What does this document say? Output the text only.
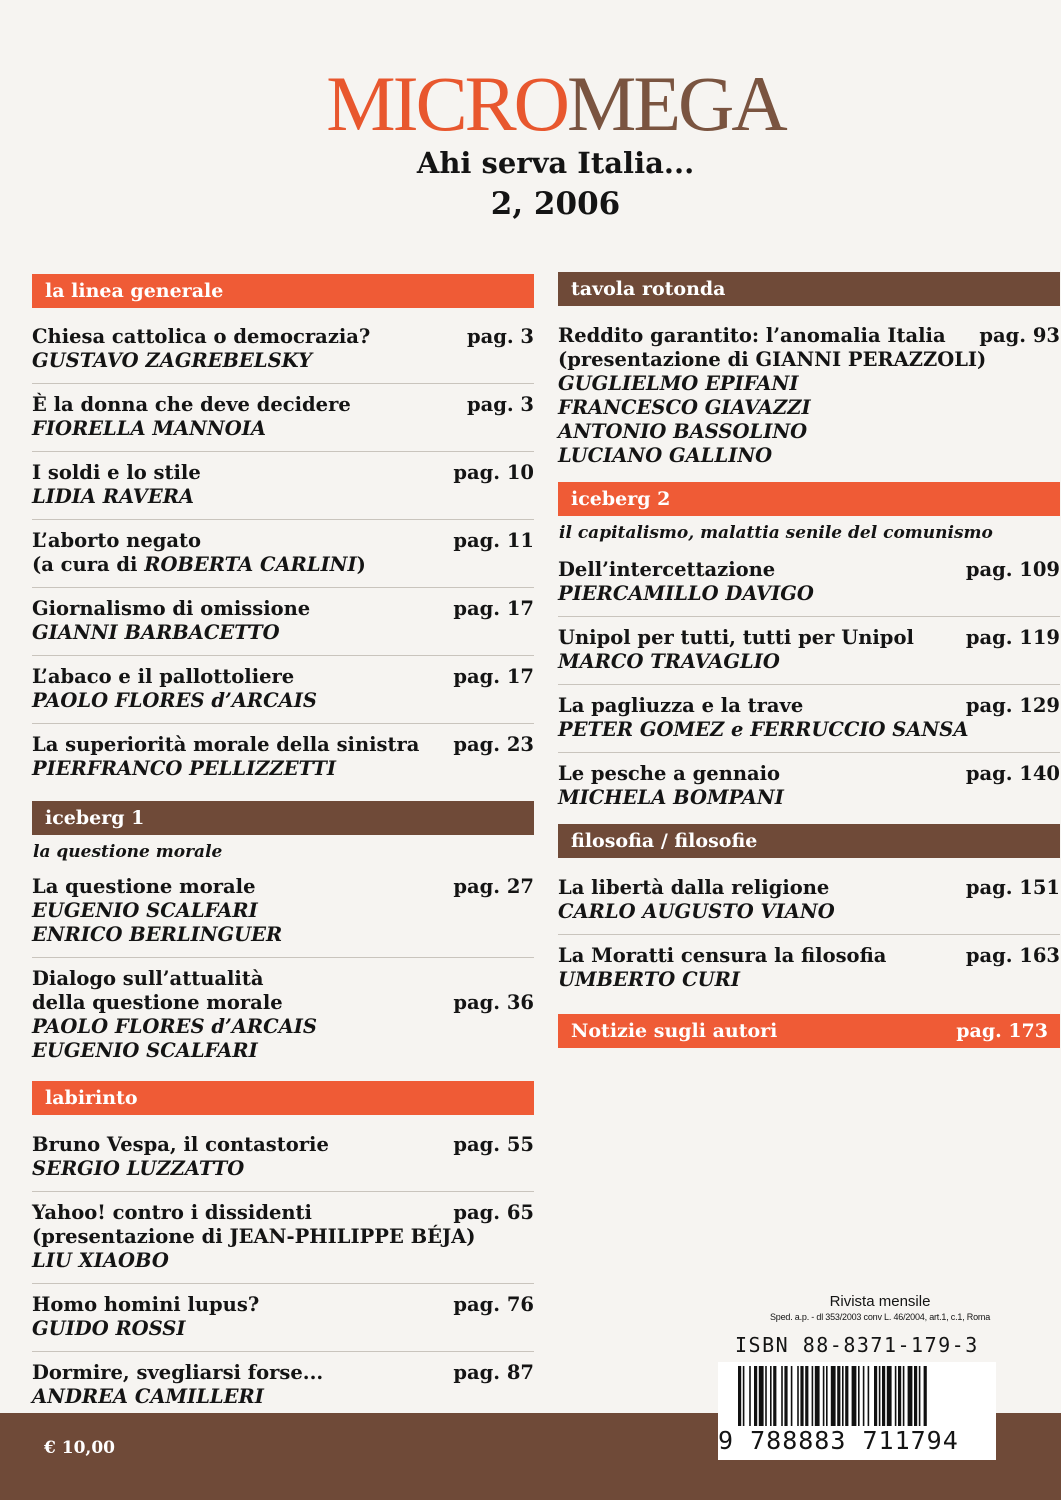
MICROMEGA
Ahi serva Italia...
2, 2006
la linea generale
Chiesa cattolica o democrazia?
GUSTAVO ZAGREBELSKY
pag. 3
È la donna che deve decidere
FIORELLA MANNOIA
pag. 3
I soldi e lo stile
LIDIA RAVERA
pag. 10
L’aborto negato
(a cura di ROBERTA CARLINI)
pag. 11
Giornalismo di omissione
GIANNI BARBACETTO
pag. 17
L’abaco e il pallottoliere
PAOLO FLORES d’ARCAIS
pag. 17
La superiorità morale della sinistra
PIERFRANCO PELLIZZETTI
pag. 23
iceberg 1
la questione morale
La questione morale
EUGENIO SCALFARI
ENRICO BERLINGUER
pag. 27
Dialogo sull’attualità
della questione morale
PAOLO FLORES d’ARCAIS
EUGENIO SCALFARI
pag. 36
labirinto
Bruno Vespa, il contastorie
SERGIO LUZZATTO
pag. 55
Yahoo! contro i dissidenti
(presentazione di JEAN-PHILIPPE BÉJA)
LIU XIAOBO
pag. 65
Homo homini lupus?
GUIDO ROSSI
pag. 76
Dormire, svegliarsi forse...
ANDREA CAMILLERI
pag. 87
tavola rotonda
Reddito garantito: l’anomalia Italia
(presentazione di GIANNI PERAZZOLI)
GUGLIELMO EPIFANI
FRANCESCO GIAVAZZI
ANTONIO BASSOLINO
LUCIANO GALLINO
pag. 93
iceberg 2
il capitalismo, malattia senile del comunismo
Dell’intercettazione
PIERCAMILLO DAVIGO
pag. 109
Unipol per tutti, tutti per Unipol
MARCO TRAVAGLIO
pag. 119
La pagliuzza e la trave
PETER GOMEZ e FERRUCCIO SANSA
pag. 129
Le pesche a gennaio
MICHELA BOMPANI
pag. 140
filosofia / filosofie
La libertà dalla religione
CARLO AUGUSTO VIANO
pag. 151
La Moratti censura la filosofia
UMBERTO CURI
pag. 163
Notizie sugli autori	pag. 173
Rivista mensile
Sped. a.p. - dl 353/2003 conv L. 46/2004, art.1, c.1, Roma
ISBN 88-8371-179-3
€ 10,00	9 788883 711794
